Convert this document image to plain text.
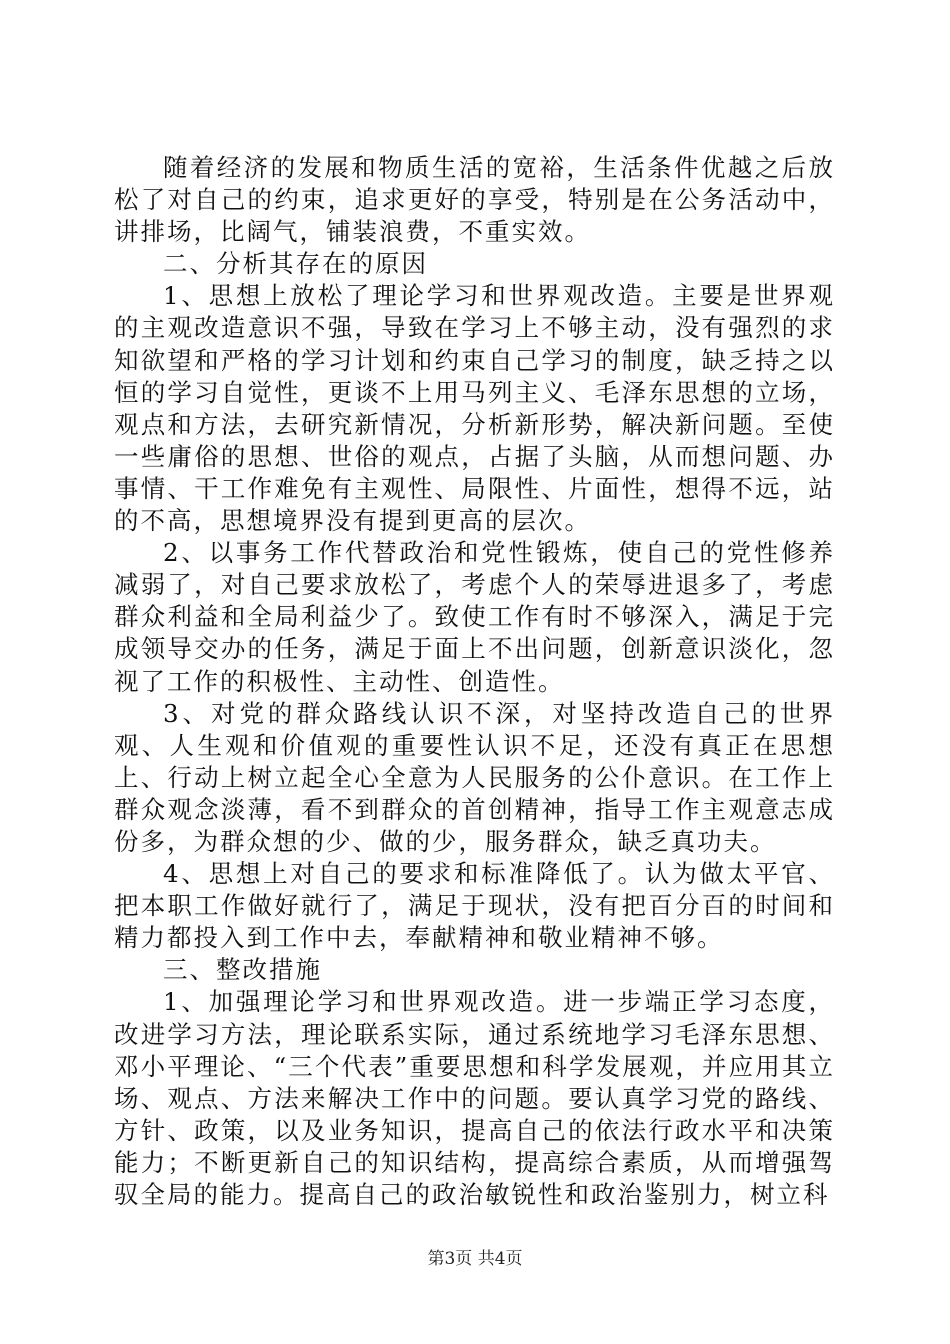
随着经济的发展和物质生活的宽裕，生活条件优越之后放松了对自己的约束，追求更好的享受，特别是在公务活动中，讲排场，比阔气，铺装浪费，不重实效。

二、分析其存在的原因

1、思想上放松了理论学习和世界观改造。主要是世界观的主观改造意识不强，导致在学习上不够主动，没有强烈的求知欲望和严格的学习计划和约束自己学习的制度，缺乏持之以恒的学习自觉性，更谈不上用马列主义、毛泽东思想的立场，观点和方法，去研究新情况，分析新形势，解决新问题。至使一些庸俗的思想、世俗的观点，占据了头脑，从而想问题、办事情、干工作难免有主观性、局限性、片面性，想得不远，站的不高，思想境界没有提到更高的层次。

2、以事务工作代替政治和党性锻炼，使自己的党性修养减弱了，对自己要求放松了，考虑个人的荣辱进退多了，考虑群众利益和全局利益少了。致使工作有时不够深入，满足于完成领导交办的任务，满足于面上不出问题，创新意识淡化，忽视了工作的积极性、主动性、创造性。

3、对党的群众路线认识不深，对坚持改造自己的世界观、人生观和价值观的重要性认识不足，还没有真正在思想上、行动上树立起全心全意为人民服务的公仆意识。在工作上群众观念淡薄，看不到群众的首创精神，指导工作主观意志成份多，为群众想的少、做的少，服务群众，缺乏真功夫。

4、思想上对自己的要求和标准降低了。认为做太平官、把本职工作做好就行了，满足于现状，没有把百分百的时间和精力都投入到工作中去，奉献精神和敬业精神不够。

三、整改措施

1、加强理论学习和世界观改造。进一步端正学习态度，改进学习方法，理论联系实际，通过系统地学习毛泽东思想、邓小平理论、“三个代表”重要思想和科学发展观，并应用其立场、观点、方法来解决工作中的问题。要认真学习党的路线、方针、政策，以及业务知识，提高自己的依法行政水平和决策能力；不断更新自己的知识结构，提高综合素质，从而增强驾驭全局的能力。提高自己的政治敏锐性和政治鉴别力，树立科

第3页 共4页
